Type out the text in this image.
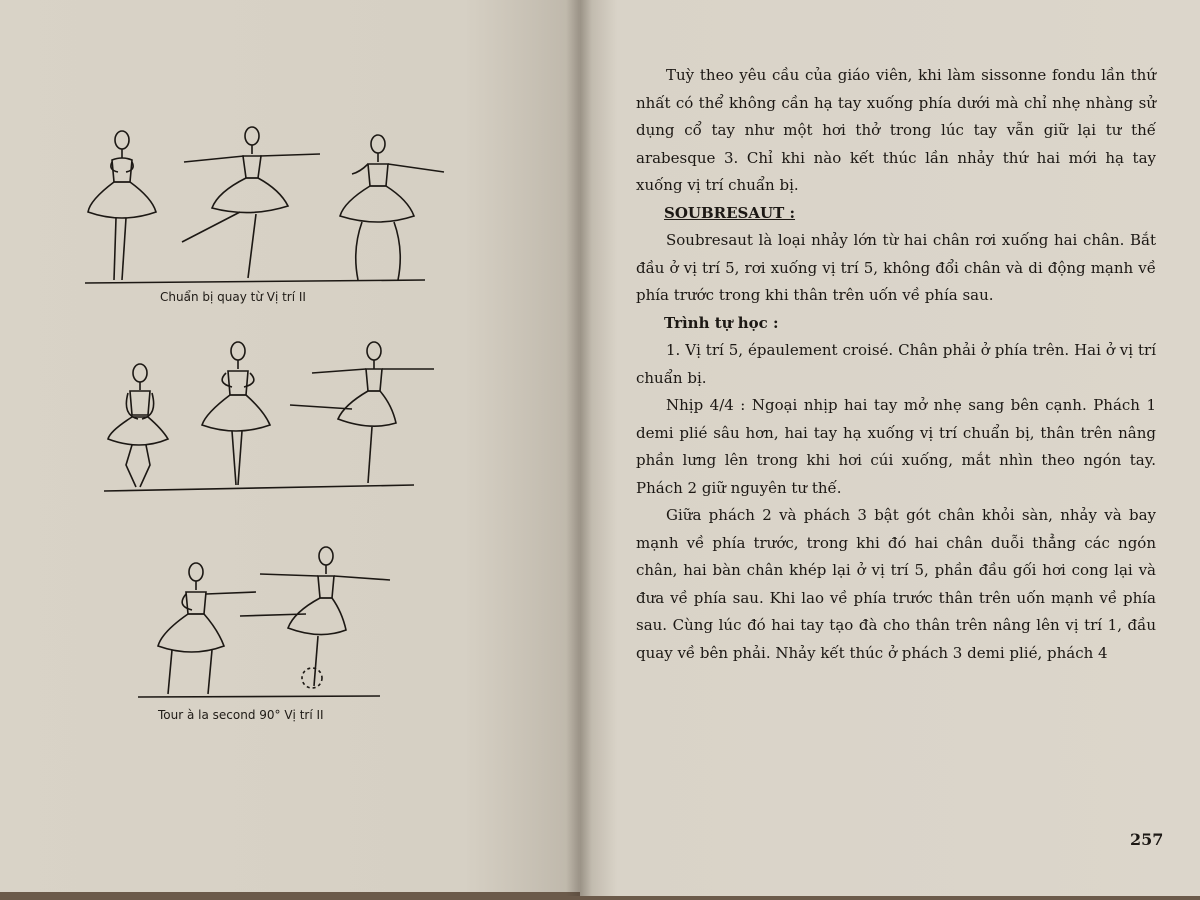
Chuẩn bị quay từ Vị trí II
Tour à la second 90° Vị trí II

Tuỳ theo yêu cầu của giáo viên, khi làm sissonne fondu lần thứ nhất có thể không cần hạ tay xuống phía dưới mà chỉ nhẹ nhàng sử dụng cổ tay như một hơi thở trong lúc tay vẫn giữ lại tư thế arabesque 3. Chỉ khi nào kết thúc lần nhảy thứ hai mới hạ tay xuống vị trí chuẩn bị.

SOUBRESAUT :

Soubresaut là loại nhảy lớn từ hai chân rơi xuống hai chân. Bắt đầu ở vị trí 5, rơi xuống vị trí 5, không đổi chân và di động mạnh về phía trước trong khi thân trên uốn về phía sau.

Trình tự học :

1. Vị trí 5, épaulement croisé. Chân phải ở phía trên. Hai ở vị trí chuẩn bị.

Nhịp 4/4 : Ngoại nhịp hai tay mở nhẹ sang bên cạnh. Phách 1 demi plié sâu hơn, hai tay hạ xuống vị trí chuẩn bị, thân trên nâng phần lưng lên trong khi hơi cúi xuống, mắt nhìn theo ngón tay. Phách 2 giữ nguyên tư thế.

Giữa phách 2 và phách 3 bật gót chân khỏi sàn, nhảy và bay mạnh về phía trước, trong khi đó hai chân duỗi thẳng các ngón chân, hai bàn chân khép lại ở vị trí 5, phần đầu gối hơi cong lại và đưa về phía sau. Khi lao về phía trước thân trên uốn mạnh về phía sau. Cùng lúc đó hai tay tạo đà cho thân trên nâng lên vị trí 1, đầu quay về bên phải. Nhảy kết thúc ở phách 3 demi plié, phách 4

257
